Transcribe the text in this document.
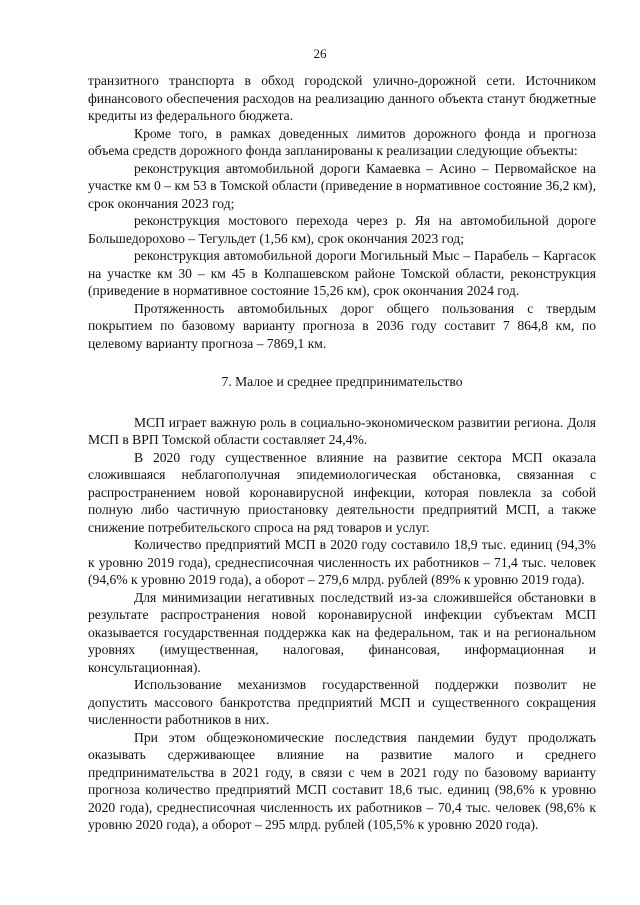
26

транзитного транспорта в обход городской улично-дорожной сети. Источником финансового обеспечения расходов на реализацию данного объекта станут бюджетные кредиты из федерального бюджета.

Кроме того, в рамках доведенных лимитов дорожного фонда и прогноза объема средств дорожного фонда запланированы к реализации следующие объекты:

реконструкция автомобильной дороги Камаевка – Асино – Первомайское на участке км 0 – км 53 в Томской области (приведение в нормативное состояние 36,2 км), срок окончания 2023 год;

реконструкция мостового перехода через р. Яя на автомобильной дороге Большедорохово – Тегульдет (1,56 км), срок окончания 2023 год;

реконструкция автомобильной дороги Могильный Мыс – Парабель – Каргасок на участке км 30 – км 45 в Колпашевском районе Томской области, реконструкция (приведение в нормативное состояние 15,26 км), срок окончания 2024 год.

Протяженность автомобильных дорог общего пользования с твердым покрытием по базовому варианту прогноза в 2036 году составит 7 864,8 км, по целевому варианту прогноза – 7869,1 км.

7. Малое и среднее предпринимательство

МСП играет важную роль в социально-экономическом развитии региона. Доля МСП в ВРП Томской области составляет 24,4%.

В 2020 году существенное влияние на развитие сектора МСП оказала сложившаяся неблагополучная эпидемиологическая обстановка, связанная с распространением новой коронавирусной инфекции, которая повлекла за собой полную либо частичную приостановку деятельности предприятий МСП, а также снижение потребительского спроса на ряд товаров и услуг.

Количество предприятий МСП в 2020 году составило 18,9 тыс. единиц (94,3% к уровню 2019 года), среднесписочная численность их работников – 71,4 тыс. человек (94,6% к уровню 2019 года), а оборот – 279,6 млрд. рублей (89% к уровню 2019 года).

Для минимизации негативных последствий из-за сложившейся обстановки в результате распространения новой коронавирусной инфекции субъектам МСП оказывается государственная поддержка как на федеральном, так и на региональном уровнях (имущественная, налоговая, финансовая, информационная и консультационная).

Использование механизмов государственной поддержки позволит не допустить массового банкротства предприятий МСП и существенного сокращения численности работников в них.

При этом общеэкономические последствия пандемии будут продолжать оказывать сдерживающее влияние на развитие малого и среднего предпринимательства в 2021 году, в связи с чем в 2021 году по базовому варианту прогноза количество предприятий МСП составит 18,6 тыс. единиц (98,6% к уровню 2020 года), среднесписочная численность их работников – 70,4 тыс. человек (98,6% к уровню 2020 года), а оборот – 295 млрд. рублей (105,5% к уровню 2020 года).
